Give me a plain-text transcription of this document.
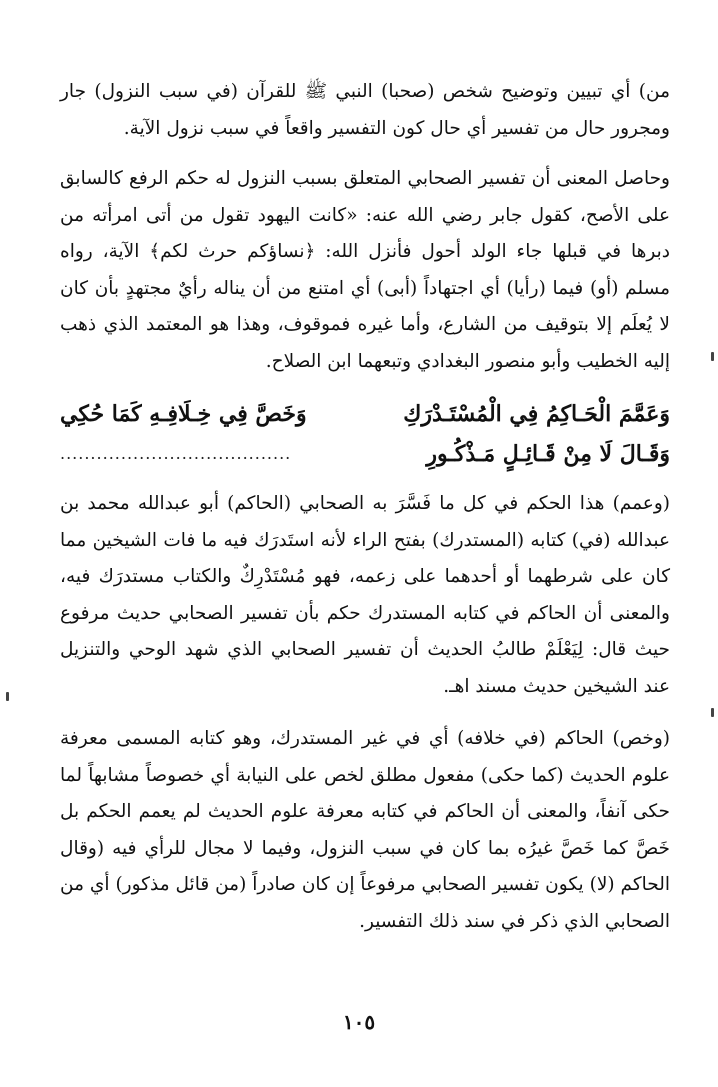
من) أي تبيين وتوضيح شخص (صحبا) النبي ﷺ للقرآن (في سبب النزول) جار ومجرور حال من تفسير أي حال كون التفسير واقعاً في سبب نزول الآية.

وحاصل المعنى أن تفسير الصحابي المتعلق بسبب النزول له حكم الرفع كالسابق على الأصح، كقول جابر رضي الله عنه: «كانت اليهود تقول من أتى امرأته من دبرها في قبلها جاء الولد أحول فأنزل الله: ﴿نساؤكم حرث لكم﴾ الآية، رواه مسلم (أو) فيما (رأيا) أي اجتهاداً (أبى) أي امتنع من أن يناله رأيٌ مجتهدٍ بأن كان لا يُعلَم إلا بتوقيف من الشارع، وأما غيره فموقوف، وهذا هو المعتمد الذي ذهب إليه الخطيب وأبو منصور البغدادي وتبعهما ابن الصلاح.

وَعَمَّمَ الْحَـاكِمُ فِي الْمُسْتَـدْرَكِ
وَخَصَّ فِي خِـلَافِـهِ كَمَا حُكِي
وَقَـالَ لَا مِنْ قَـائِـلٍ مَـذْكُـورِ
......................................

(وعمم) هذا الحكم في كل ما فَسَّرَ به الصحابي (الحاكم) أبو عبدالله محمد بن عبدالله (في) كتابه (المستدرك) بفتح الراء لأنه استَدرَك فيه ما فات الشيخين مما كان على شرطهما أو أحدهما على زعمه، فهو مُسْتَدْرِكٌ والكتاب مستدرَك فيه، والمعنى أن الحاكم في كتابه المستدرك حكم بأن تفسير الصحابي حديث مرفوع حيث قال: لِيَعْلَمْ طالبُ الحديث أن تفسير الصحابي الذي شهد الوحي والتنزيل عند الشيخين حديث مسند اهـ.

(وخص) الحاكم (في خلافه) أي في غير المستدرك، وهو كتابه المسمى معرفة علوم الحديث (كما حكى) مفعول مطلق لخص على النيابة أي خصوصاً مشابهاً لما حكى آنفاً، والمعنى أن الحاكم في كتابه معرفة علوم الحديث لم يعمم الحكم بل خَصَّ كما خَصَّ غيرُه بما كان في سبب النزول، وفيما لا مجال للرأي فيه (وقال الحاكم (لا) يكون تفسير الصحابي مرفوعاً إن كان صادراً (من قائل مذكور) أي من الصحابي الذي ذكر في سند ذلك التفسير.

١٠٥
